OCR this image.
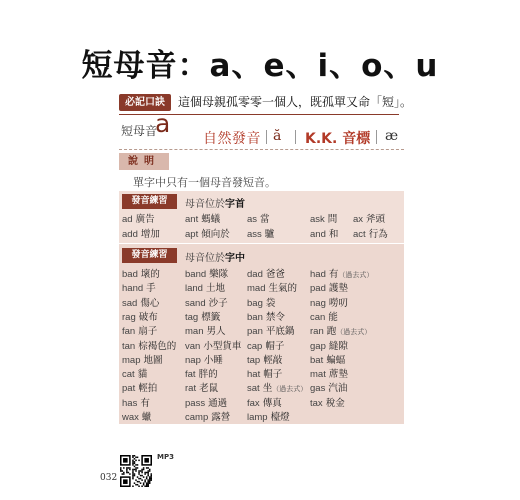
短母音：a、e、i、o、u
必記口訣	這個母親孤零零一個人，既孤單又命「短」。
短母音
a
自然發音 ă K.K. 音標 æ
說明
單字中只有一個母音發短音。
發音練習	母音位於字首
ad 廣告	ant 螞蟻	as 當	ask 問 ax 斧頭
add 增加	apt 傾向於 ass 驢	and 和 act 行為
發音練習	母音位於字中
bad 壞的	band 樂隊 dad 爸爸	had 有（過去式）
hand 手	land 土地 mad 生氣的 pad 護墊
sad 傷心	sand 沙子 bag 袋	nag 嘮叨
rag 破布	tag 標籤	ban 禁令	can 能
fan 扇子	man 男人 pan 平底鍋 ran 跑（過去式）
tan 棕褐色的 van 小型貨車 cap 帽子	gap 縫隙
map 地圖 nap 小睡	tap 輕敲	bat 蝙蝠
cat 貓	fat 胖的	hat 帽子	mat 蓆墊
pat 輕拍	rat 老鼠	sat 坐（過去式） gas 汽油
has 有	pass 通過 fax 傳真	tax 稅金
wax 蠟	camp 露營 lamp 檯燈
032
MP3
